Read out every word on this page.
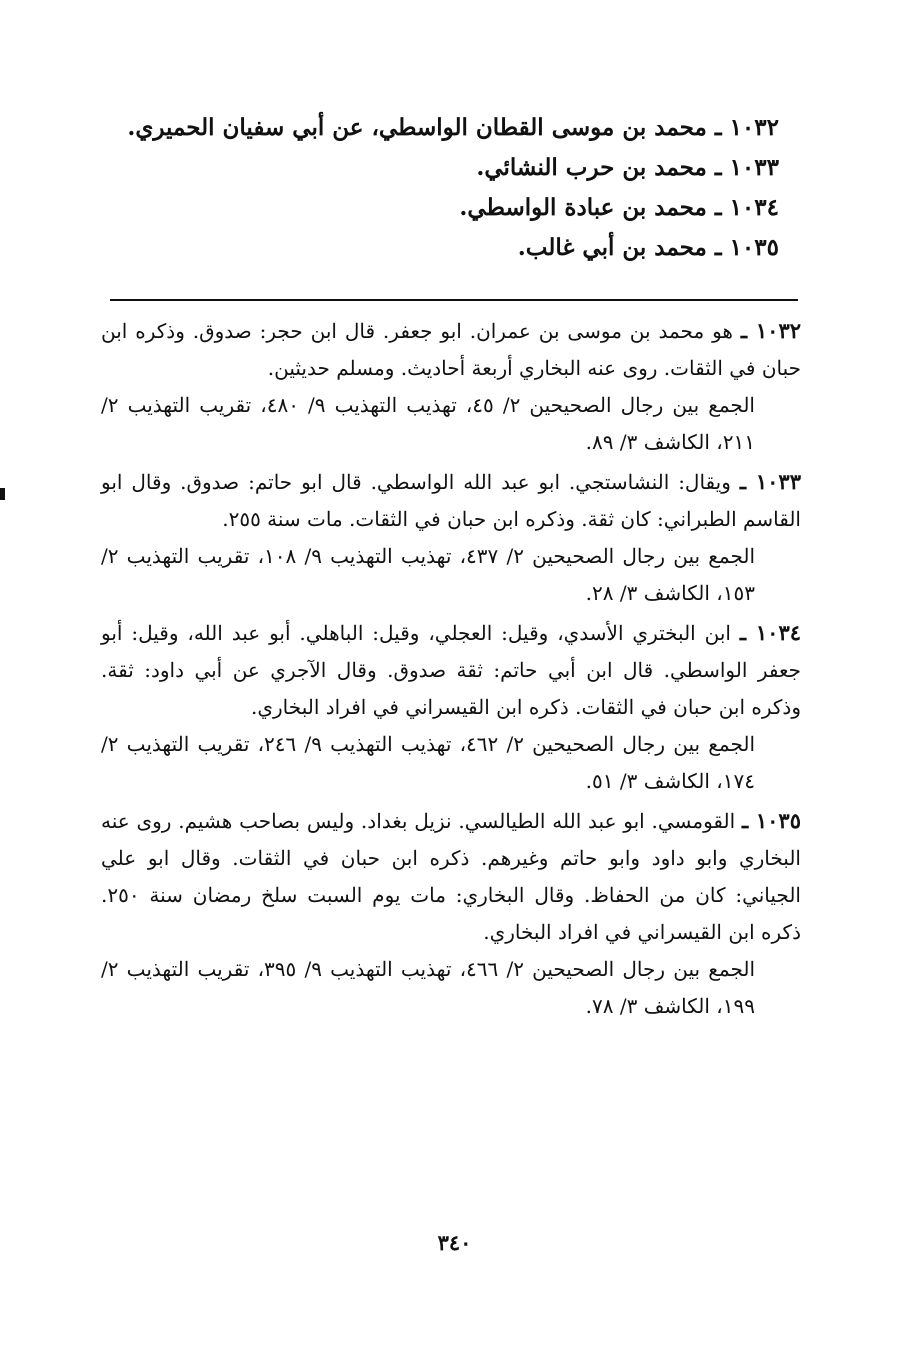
١٠٣٢ ـ محمد بن موسى القطان الواسطي، عن أبي سفيان الحميري.
١٠٣٣ ـ محمد بن حرب النشائي.
١٠٣٤ ـ محمد بن عبادة الواسطي.
١٠٣٥ ـ محمد بن أبي غالب.
١٠٣٢ ـ هو محمد بن موسى بن عمران. ابو جعفر. قال ابن حجر: صدوق. وذكره ابن حبان في الثقات. روى عنه البخاري أربعة أحاديث. ومسلم حديثين.
الجمع بين رجال الصحيحين ٢/ ٤٥، تهذيب التهذيب ٩/ ٤٨٠، تقريب التهذيب ٢/ ٢١١، الكاشف ٣/ ٨٩.
١٠٣٣ ـ ويقال: النشاستجي. ابو عبد الله الواسطي. قال ابو حاتم: صدوق. وقال ابو القاسم الطبراني: كان ثقة. وذكره ابن حبان في الثقات. مات سنة ٢٥٥.
الجمع بين رجال الصحيحين ٢/ ٤٣٧، تهذيب التهذيب ٩/ ١٠٨، تقريب التهذيب ٢/ ١٥٣، الكاشف ٣/ ٢٨.
١٠٣٤ ـ ابن البختري الأسدي، وقيل: العجلي، وقيل: الباهلي. أبو عبد الله، وقيل: أبو جعفر الواسطي. قال ابن أبي حاتم: ثقة صدوق. وقال الآجري عن أبي داود: ثقة. وذكره ابن حبان في الثقات. ذكره ابن القيسراني في افراد البخاري.
الجمع بين رجال الصحيحين ٢/ ٤٦٢، تهذيب التهذيب ٩/ ٢٤٦، تقريب التهذيب ٢/ ١٧٤، الكاشف ٣/ ٥١.
١٠٣٥ ـ القومسي. ابو عبد الله الطيالسي. نزيل بغداد. وليس بصاحب هشيم. روى عنه البخاري وابو داود وابو حاتم وغيرهم. ذكره ابن حبان في الثقات. وقال ابو علي الجياني: كان من الحفاظ. وقال البخاري: مات يوم السبت سلخ رمضان سنة ٢٥٠. ذكره ابن القيسراني في افراد البخاري.
الجمع بين رجال الصحيحين ٢/ ٤٦٦، تهذيب التهذيب ٩/ ٣٩٥، تقريب التهذيب ٢/ ١٩٩، الكاشف ٣/ ٧٨.
٣٤٠
